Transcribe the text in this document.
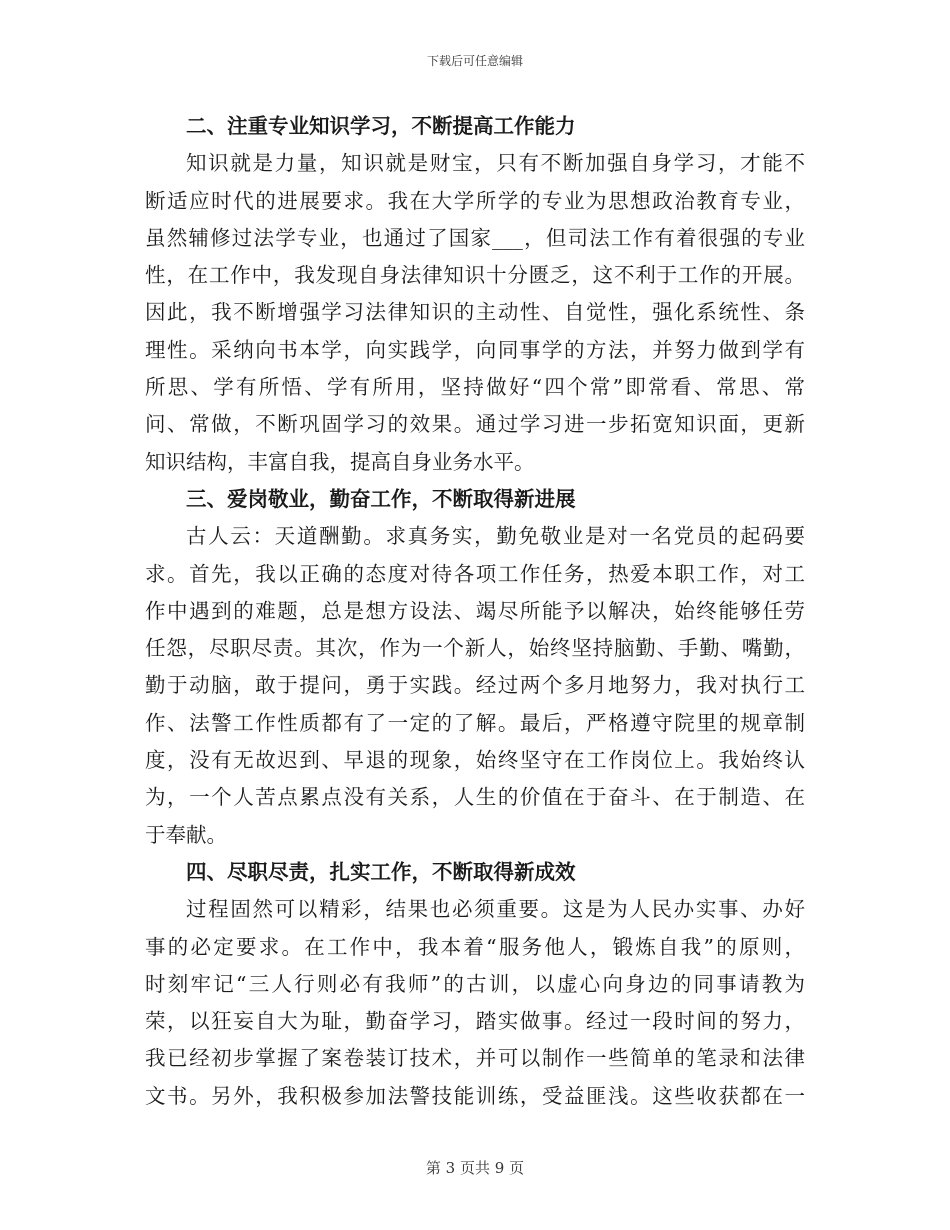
下载后可任意编辑
二、注重专业知识学习，不断提高工作能力
知识就是力量，知识就是财宝，只有不断加强自身学习，才能不
断适应时代的进展要求。我在大学所学的专业为思想政治教育专业，
虽然辅修过法学专业，也通过了国家___，但司法工作有着很强的专业
性，在工作中，我发现自身法律知识十分匮乏，这不利于工作的开展。
因此，我不断增强学习法律知识的主动性、自觉性，强化系统性、条
理性。采纳向书本学，向实践学，向同事学的方法，并努力做到学有
所思、学有所悟、学有所用，坚持做好“四个常”即常看、常思、常
问、常做，不断巩固学习的效果。通过学习进一步拓宽知识面，更新
知识结构，丰富自我，提高自身业务水平。
三、爱岗敬业，勤奋工作，不断取得新进展
古人云：天道酬勤。求真务实，勤免敬业是对一名党员的起码要
求。首先，我以正确的态度对待各项工作任务，热爱本职工作，对工
作中遇到的难题，总是想方设法、竭尽所能予以解决，始终能够任劳
任怨，尽职尽责。其次，作为一个新人，始终坚持脑勤、手勤、嘴勤，
勤于动脑，敢于提问，勇于实践。经过两个多月地努力，我对执行工
作、法警工作性质都有了一定的了解。最后，严格遵守院里的规章制
度，没有无故迟到、早退的现象，始终坚守在工作岗位上。我始终认
为，一个人苦点累点没有关系，人生的价值在于奋斗、在于制造、在
于奉献。
四、尽职尽责，扎实工作，不断取得新成效
过程固然可以精彩，结果也必须重要。这是为人民办实事、办好
事的必定要求。在工作中，我本着“服务他人，锻炼自我”的原则，
时刻牢记“三人行则必有我师”的古训，以虚心向身边的同事请教为
荣，以狂妄自大为耻，勤奋学习，踏实做事。经过一段时间的努力，
我已经初步掌握了案卷装订技术，并可以制作一些简单的笔录和法律
文书。另外，我积极参加法警技能训练，受益匪浅。这些收获都在一
第 3 页共 9 页
